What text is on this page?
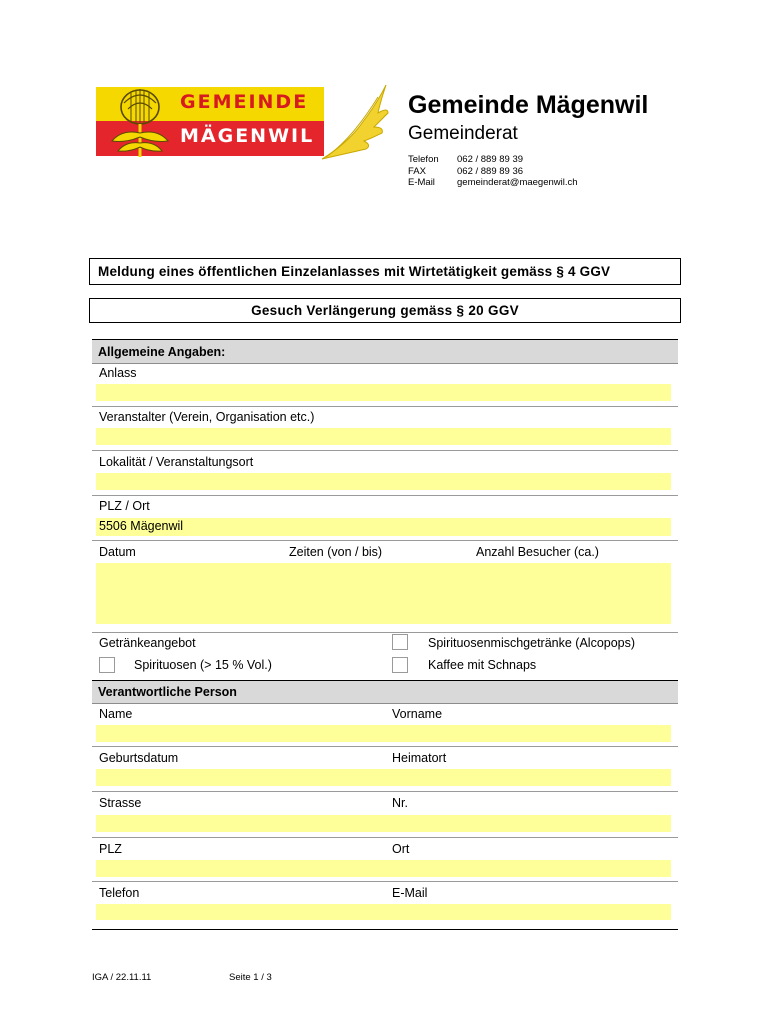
GEMEINDE
MÄGENWIL
Gemeinde Mägenwil
Gemeinderat
Telefon	062 / 889 89 39
FAX	062 / 889 89 36
E-Mail	gemeinderat@maegenwil.ch
Meldung eines öffentlichen Einzelanlasses mit Wirtetätigkeit gemäss § 4 GGV
Gesuch Verlängerung gemäss § 20 GGV
Allgemeine Angaben:
Anlass
Veranstalter (Verein, Organisation etc.)
Lokalität / Veranstaltungsort
PLZ / Ort
5506 Mägenwil
Datum	Zeiten (von / bis)	Anzahl Besucher (ca.)
Getränkeangebot	Spirituosenmischgetränke (Alcopops)
Spirituosen (> 15 % Vol.)	Kaffee mit Schnaps
Verantwortliche Person
Name	Vorname
Geburtsdatum	Heimatort
Strasse	Nr.
PLZ	Ort
Telefon	E-Mail
IGA / 22.11.11	Seite 1 / 3
